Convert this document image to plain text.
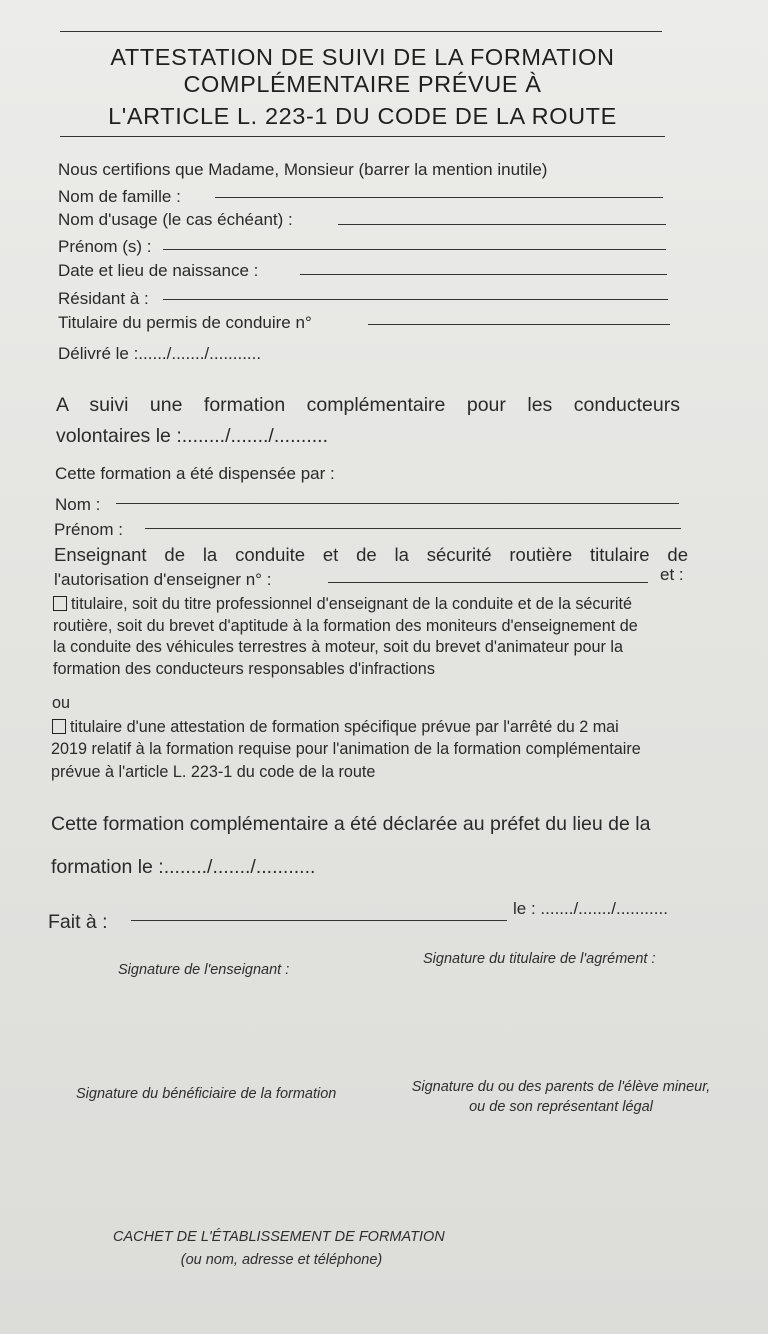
ATTESTATION DE SUIVI DE LA FORMATION
COMPLÉMENTAIRE PRÉVUE À
L'ARTICLE L. 223-1 DU CODE DE LA ROUTE
Nous certifions que Madame, Monsieur (barrer la mention inutile)
Nom de famille :
Nom d'usage (le cas échéant) :
Prénom (s) :
Date et lieu de naissance :
Résidant à :
Titulaire du permis de conduire n°
Délivré le :....../......./...........
A suivi une formation complémentaire pour les conducteurs
volontaires le :......../......./..........
Cette formation a été dispensée par :
Nom :
Prénom :
Enseignant de la conduite et de la sécurité routière titulaire de
l'autorisation d'enseigner n° :	et :
titulaire, soit du titre professionnel d'enseignant de la conduite et de la sécurité
routière, soit du brevet d'aptitude à la formation des moniteurs d'enseignement de
la conduite des véhicules terrestres à moteur, soit du brevet d'animateur pour la
formation des conducteurs responsables d'infractions
ou
titulaire d'une attestation de formation spécifique prévue par l'arrêté du 2 mai
2019 relatif à la formation requise pour l'animation de la formation complémentaire
prévue à l'article L. 223-1 du code de la route
Cette formation complémentaire a été déclarée au préfet du lieu de la
formation le :......../......./...........
Fait à :
le : ......./......./...........
Signature de l'enseignant :
Signature du titulaire de l'agrément :
Signature du bénéficiaire de la formation	Signature du ou des parents de l'élève mineur,
ou de son représentant légal
CACHET DE L'ÉTABLISSEMENT DE FORMATION
(ou nom, adresse et téléphone)
